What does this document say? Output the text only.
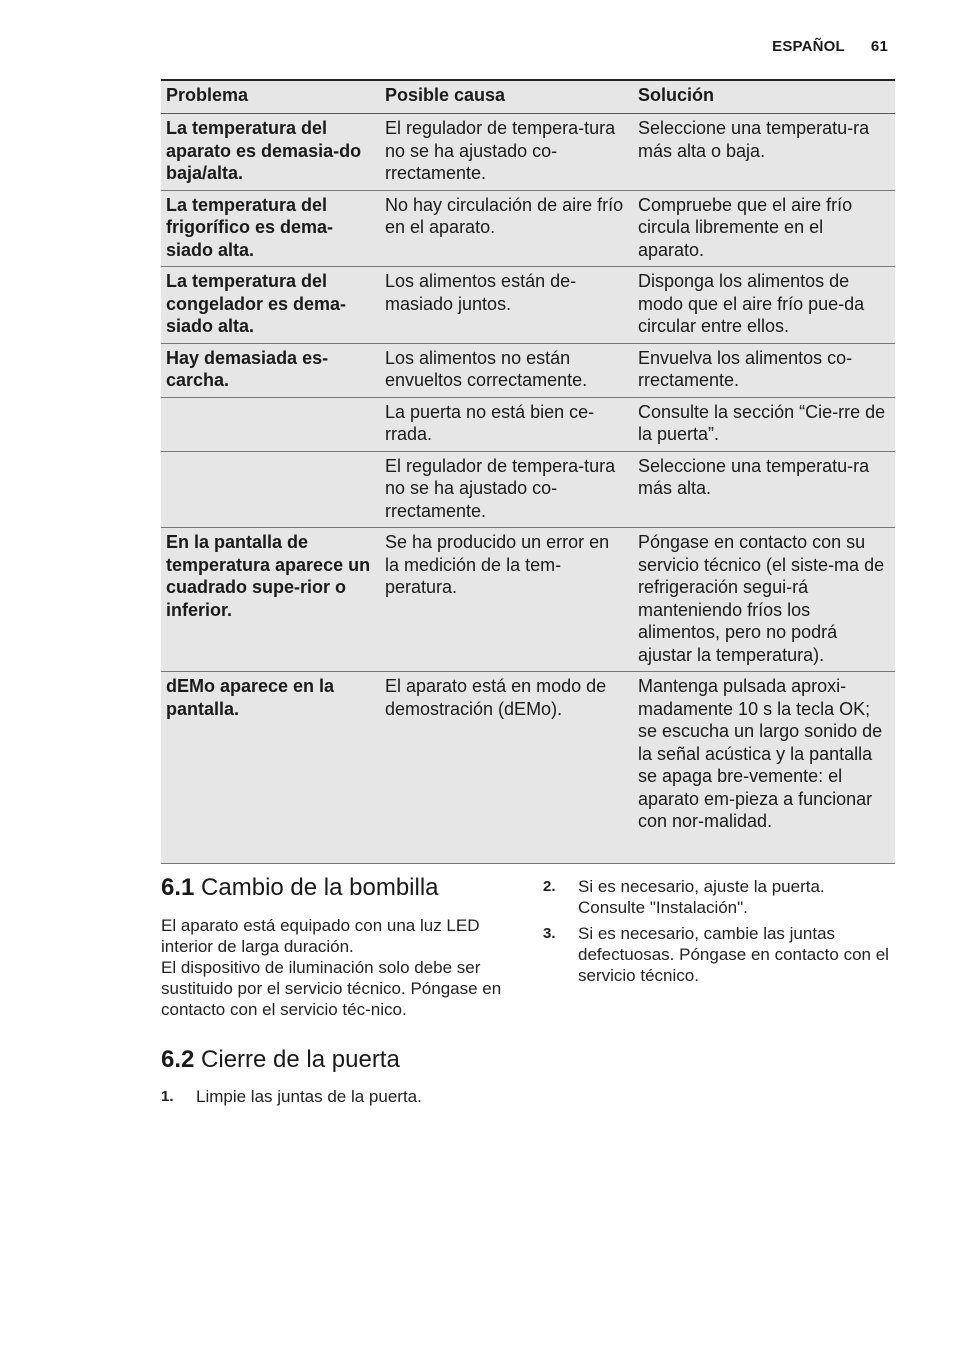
ESPAÑOL 61
Problema	Posible causa	Solución
La temperatura del aparato es demasia-do baja/alta.	El regulador de tempera-tura no se ha ajustado co-rrectamente.	Seleccione una temperatu-ra más alta o baja.
La temperatura del frigorífico es dema-siado alta.	No hay circulación de aire frío en el aparato.	Compruebe que el aire frío circula libremente en el aparato.
La temperatura del congelador es dema-siado alta.	Los alimentos están de-masiado juntos.	Disponga los alimentos de modo que el aire frío pue-da circular entre ellos.
Hay demasiada es-carcha.	Los alimentos no están envueltos correctamente.	Envuelva los alimentos co-rrectamente.
	La puerta no está bien ce-rrada.	Consulte la sección “Cie-rre de la puerta”.
	El regulador de tempera-tura no se ha ajustado co-rrectamente.	Seleccione una temperatu-ra más alta.
En la pantalla de temperatura aparece un cuadrado supe-rior o inferior.	Se ha producido un error en la medición de la tem-peratura.	Póngase en contacto con su servicio técnico (el siste-ma de refrigeración segui-rá manteniendo fríos los alimentos, pero no podrá ajustar la temperatura).
dEMo aparece en la pantalla.	El aparato está en modo de demostración (dEMo).	Mantenga pulsada aproxi-madamente 10 s la tecla OK; se escucha un largo sonido de la señal acústica y la pantalla se apaga bre-vemente: el aparato em-pieza a funcionar con nor-malidad.
6.1 Cambio de la bombilla

El aparato está equipado con una luz LED interior de larga duración.

El dispositivo de iluminación solo debe ser sustituido por el servicio técnico. Póngase en contacto con el servicio téc-nico.

6.2 Cierre de la puerta
1.	Limpie las juntas de la puerta.
2.	Si es necesario, ajuste la puerta. Consulte "Instalación".
3.	Si es necesario, cambie las juntas defectuosas. Póngase en contacto con el servicio técnico.
